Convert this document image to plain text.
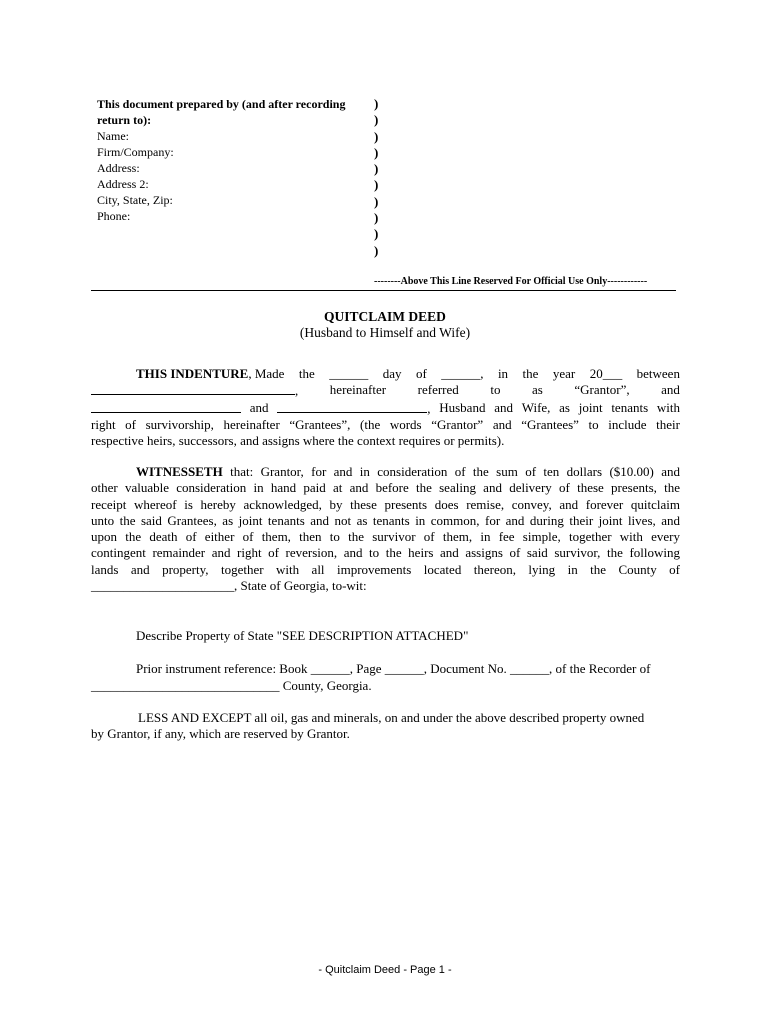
This document prepared by (and after recording
return to):
Name:
Firm/Company:
Address:
Address 2:
City, State, Zip:
Phone:
)
)
)
)
)
)
)
)
)
)
--------Above This Line Reserved For Official Use Only------------
QUITCLAIM DEED
(Husband to Himself and Wife)
THIS INDENTURE, Made the ______ day of ______, in the year 20___ between
, hereinafter referred to as “Grantor”, and
and	, Husband and Wife, as joint tenants with
right of survivorship, hereinafter “Grantees”, (the words “Grantor” and “Grantees” to include their
respective heirs, successors, and assigns where the context requires or permits).
WITNESSETH that: Grantor, for and in consideration of the sum of ten dollars ($10.00) and
other valuable consideration in hand paid at and before the sealing and delivery of these presents, the
receipt whereof is hereby acknowledged, by these presents does remise, convey, and forever quitclaim
unto the said Grantees, as joint tenants and not as tenants in common, for and during their joint lives, and
upon the death of either of them, then to the survivor of them, in fee simple, together with every
contingent remainder and right of reversion, and to the heirs and assigns of said survivor, the following
lands and property, together with all improvements located thereon, lying in the County of
______________________, State of Georgia, to-wit:
Describe Property of State "SEE DESCRIPTION ATTACHED"
Prior instrument reference: Book ______, Page ______, Document No. ______, of the Recorder of
_____________________________ County, Georgia.
LESS AND EXCEPT all oil, gas and minerals, on and under the above described property owned
by Grantor, if any, which are reserved by Grantor.
- Quitclaim Deed - Page 1 -
